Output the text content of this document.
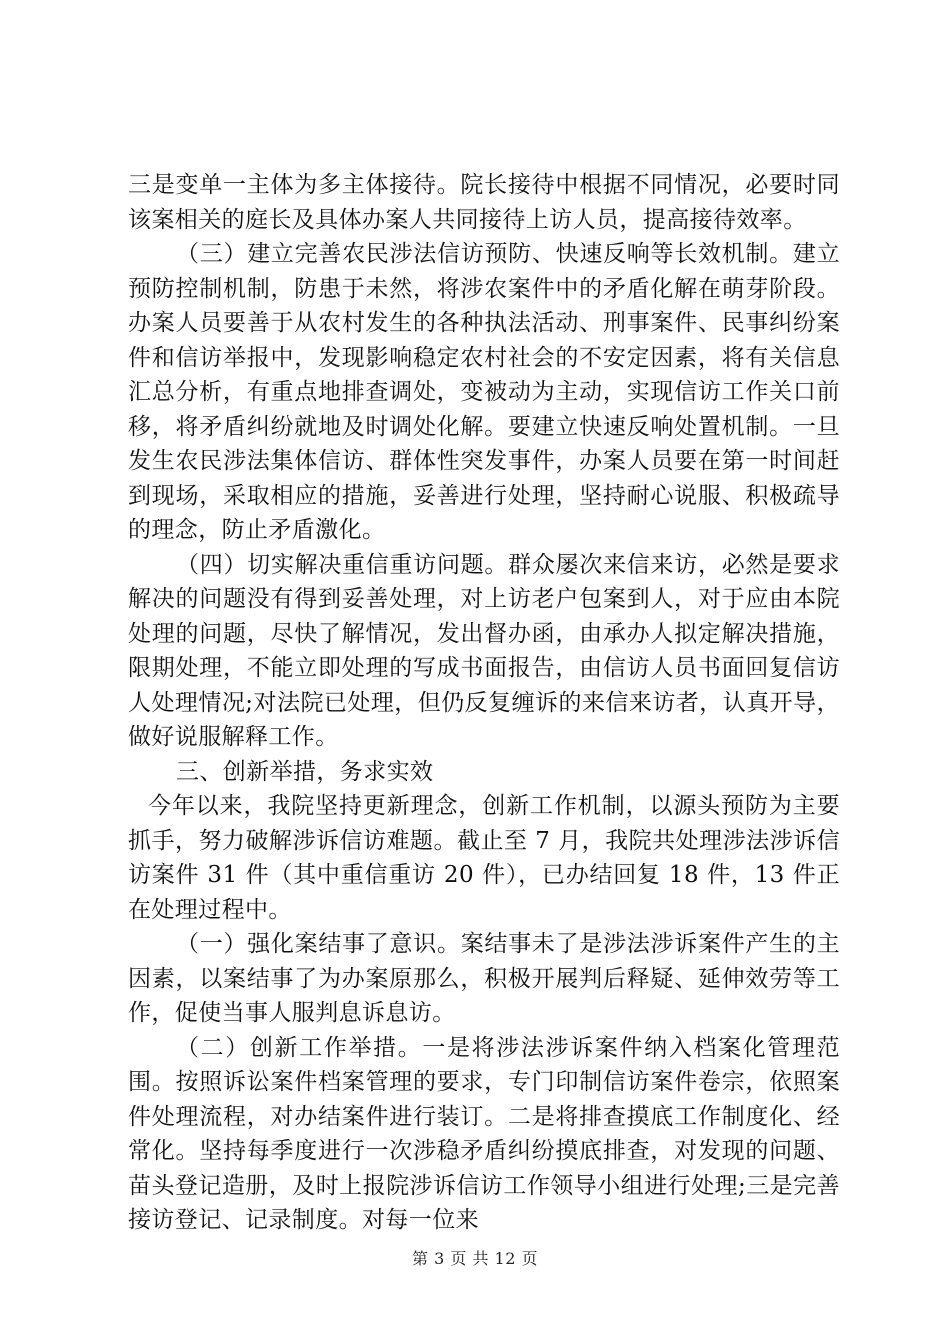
三是变单一主体为多主体接待。院长接待中根据不同情况，必要时同该案相关的庭长及具体办案人共同接待上访人员，提高接待效率。

（三）建立完善农民涉法信访预防、快速反响等长效机制。建立预防控制机制，防患于未然，将涉农案件中的矛盾化解在萌芽阶段。办案人员要善于从农村发生的各种执法活动、刑事案件、民事纠纷案件和信访举报中，发现影响稳定农村社会的不安定因素，将有关信息汇总分析，有重点地排查调处，变被动为主动，实现信访工作关口前移，将矛盾纠纷就地及时调处化解。要建立快速反响处置机制。一旦发生农民涉法集体信访、群体性突发事件，办案人员要在第一时间赶到现场，采取相应的措施，妥善进行处理，坚持耐心说服、积极疏导的理念，防止矛盾激化。

（四）切实解决重信重访问题。群众屡次来信来访，必然是要求解决的问题没有得到妥善处理，对上访老户包案到人，对于应由本院处理的问题，尽快了解情况，发出督办函，由承办人拟定解决措施，限期处理，不能立即处理的写成书面报告，由信访人员书面回复信访人处理情况;对法院已处理，但仍反复缠诉的来信来访者，认真开导，做好说服解释工作。

三、创新举措，务求实效

今年以来，我院坚持更新理念，创新工作机制，以源头预防为主要抓手，努力破解涉诉信访难题。截止至 7 月，我院共处理涉法涉诉信访案件 31 件（其中重信重访 20 件），已办结回复 18 件，13 件正在处理过程中。

（一）强化案结事了意识。案结事未了是涉法涉诉案件产生的主因素，以案结事了为办案原那么，积极开展判后释疑、延伸效劳等工作，促使当事人服判息诉息访。

（二）创新工作举措。一是将涉法涉诉案件纳入档案化管理范围。按照诉讼案件档案管理的要求，专门印制信访案件卷宗，依照案件处理流程，对办结案件进行装订。二是将排查摸底工作制度化、经常化。坚持每季度进行一次涉稳矛盾纠纷摸底排查，对发现的问题、苗头登记造册，及时上报院涉诉信访工作领导小组进行处理;三是完善接访登记、记录制度。对每一位来

第 3 页 共 12 页
